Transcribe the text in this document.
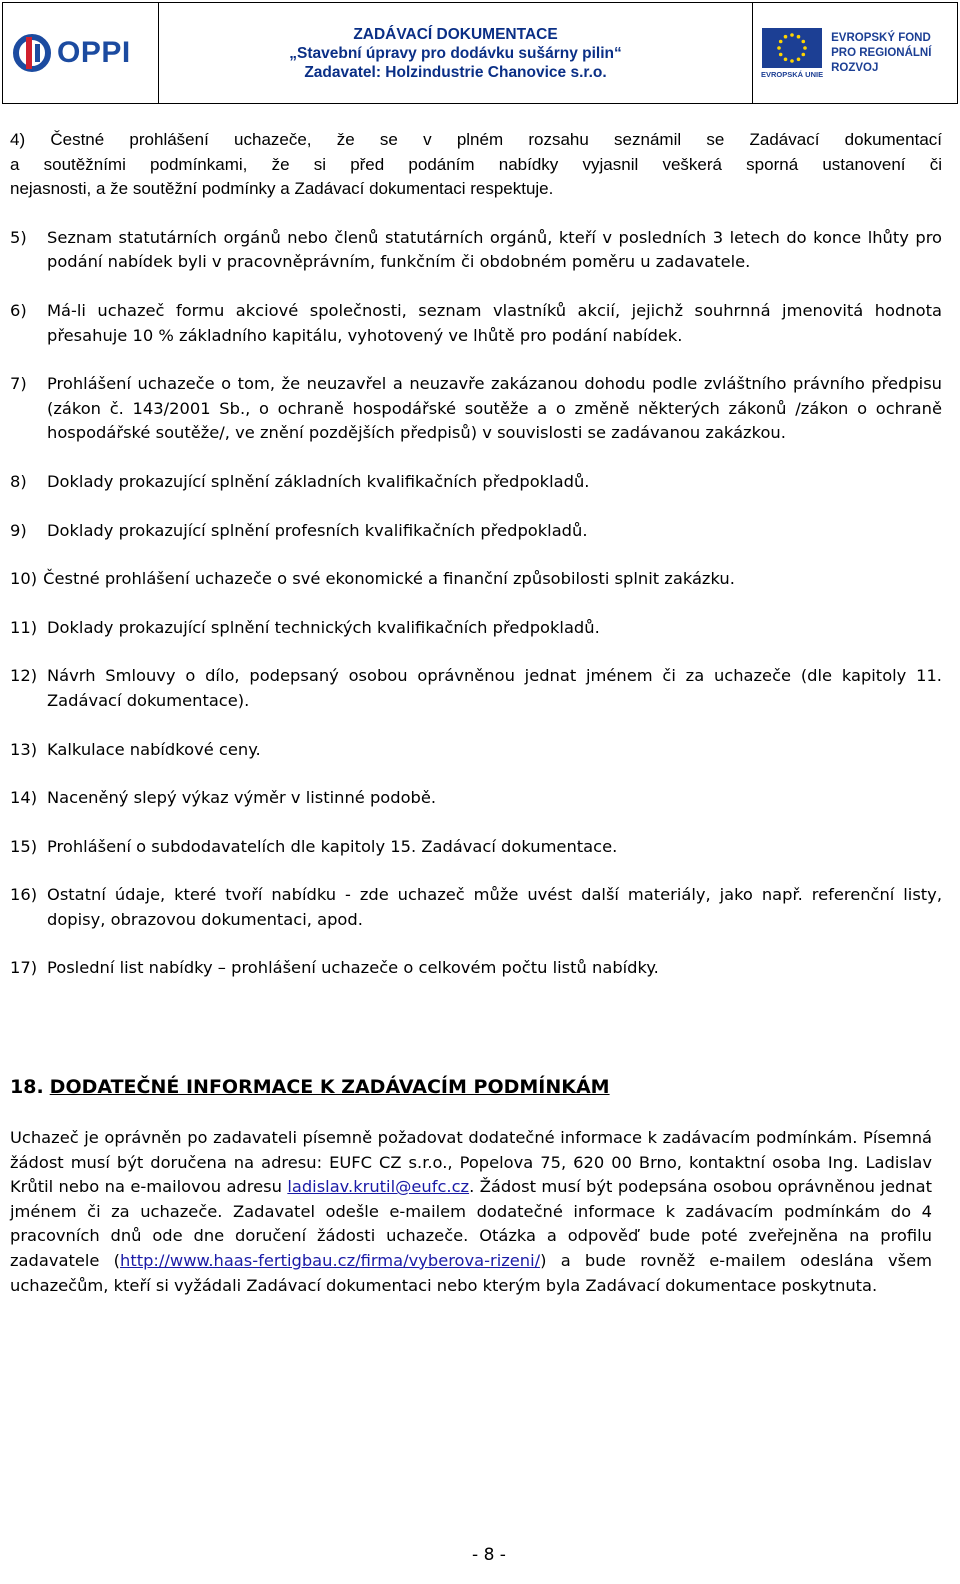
OPPI
ZADÁVACÍ DOKUMENTACE
„Stavební úpravy pro dodávku sušárny pilin“
Zadavatel: Holzindustrie Chanovice s.r.o.	EVROPSKÁ UNIE
EVROPSKÝ FOND
PRO REGIONÁLNÍ
ROZVOJ
4) Čestné prohlášení uchazeče, že se v plném rozsahu seznámil se Zadávací dokumentací
a soutěžními podmínkami, že si před podáním nabídky vyjasnil veškerá sporná ustanovení či
nejasnosti, a že soutěžní podmínky a Zadávací dokumentaci respektuje.
5)	Seznam statutárních orgánů nebo členů statutárních orgánů, kteří v posledních 3 letech do konce lhůty pro podání nabídek byli v pracovněprávním, funkčním či obdobném poměru u zadavatele.
6)	Má-li uchazeč formu akciové společnosti, seznam vlastníků akcií, jejichž souhrnná jmenovitá hodnota přesahuje 10 % základního kapitálu, vyhotovený ve lhůtě pro podání nabídek.
7)	Prohlášení uchazeče o tom, že neuzavřel a neuzavře zakázanou dohodu podle zvláštního právního předpisu (zákon č. 143/2001 Sb., o ochraně hospodářské soutěže a o změně některých zákonů /zákon o ochraně hospodářské soutěže/, ve znění pozdějších předpisů) v souvislosti se zadávanou zakázkou.
8)	Doklady prokazující splnění základních kvalifikačních předpokladů.
9)	Doklady prokazující splnění profesních kvalifikačních předpokladů.
10) Čestné prohlášení uchazeče o své ekonomické a finanční způsobilosti splnit zakázku.
11) Doklady prokazující splnění technických kvalifikačních předpokladů.
12) Návrh Smlouvy o dílo, podepsaný osobou oprávněnou jednat jménem či za uchazeče (dle kapitoly 11. Zadávací dokumentace).
13) Kalkulace nabídkové ceny.
14) Naceněný slepý výkaz výměr v listinné podobě.
15) Prohlášení o subdodavatelích dle kapitoly 15. Zadávací dokumentace.
16) Ostatní údaje, které tvoří nabídku - zde uchazeč může uvést další materiály, jako např. referenční listy, dopisy, obrazovou dokumentaci, apod.
17) Poslední list nabídky – prohlášení uchazeče o celkovém počtu listů nabídky.
18. DODATEČNÉ INFORMACE K ZADÁVACÍM PODMÍNKÁM
Uchazeč je oprávněn po zadavateli písemně požadovat dodatečné informace k zadávacím podmínkám. Písemná žádost musí být doručena na adresu: EUFC CZ s.r.o., Popelova 75, 620 00 Brno, kontaktní osoba Ing. Ladislav Krůtil nebo na e-mailovou adresu ladislav.krutil@eufc.cz. Žádost musí být podepsána osobou oprávněnou jednat jménem či za uchazeče. Zadavatel odešle e-mailem dodatečné informace k zadávacím podmínkám do 4 pracovních dnů ode dne doručení žádosti uchazeče. Otázka a odpověď bude poté zveřejněna na profilu zadavatele (http://www.haas-fertigbau.cz/firma/vyberova-rizeni/) a bude rovněž e-mailem odeslána všem uchazečům, kteří si vyžádali Zadávací dokumentaci nebo kterým byla Zadávací dokumentace poskytnuta.
- 8 -
